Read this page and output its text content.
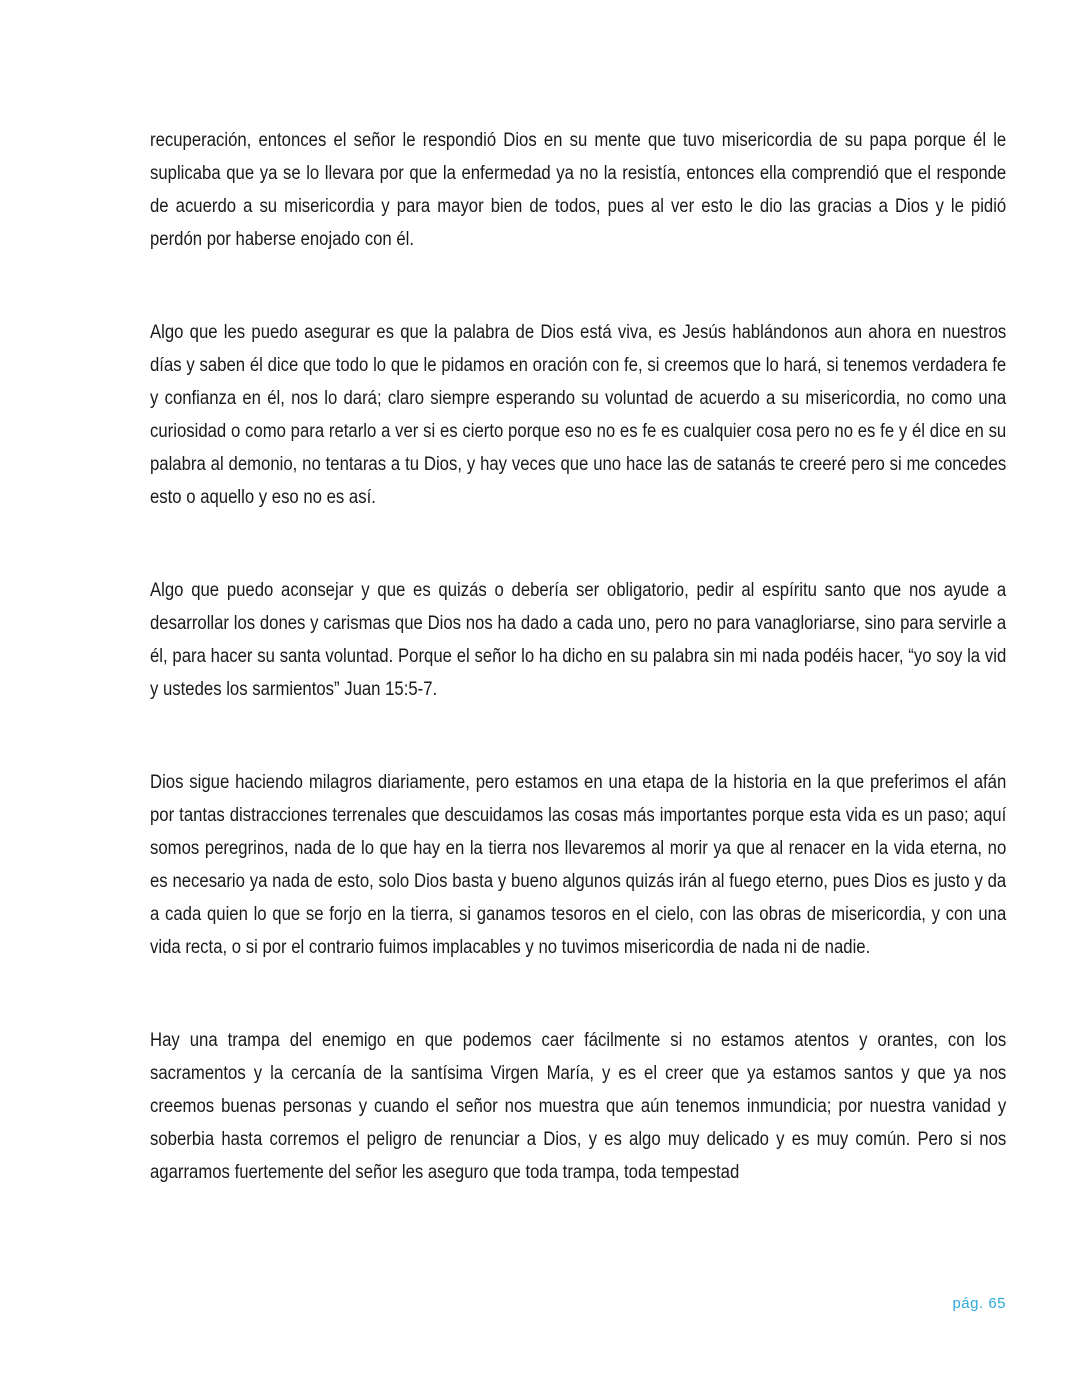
recuperación, entonces el señor le respondió Dios en su mente que tuvo misericordia de su papa porque él le suplicaba que ya se lo llevara por que la enfermedad ya no la resistía, entonces ella comprendió que el responde de acuerdo a su misericordia y para mayor bien de todos, pues al ver esto le dio las gracias a Dios y le pidió perdón por haberse enojado con él.

Algo que les puedo asegurar es que la palabra de Dios está viva, es Jesús hablándonos aun ahora en nuestros días y saben él dice que todo lo que le pidamos en oración con fe, si creemos que lo hará, si tenemos verdadera fe y confianza en él, nos lo dará; claro siempre esperando su voluntad de acuerdo a su misericordia, no como una curiosidad o como para retarlo a ver si es cierto porque eso no es fe es cualquier cosa pero no es fe y él dice en su palabra al demonio, no tentaras a tu Dios, y hay veces que uno hace las de satanás te creeré pero si me concedes esto o aquello y eso no es así.

Algo que puedo aconsejar y que es quizás o debería ser obligatorio, pedir al espíritu santo que nos ayude a desarrollar los dones y carismas que Dios nos ha dado a cada uno, pero no para vanagloriarse, sino para servirle a él, para hacer su santa voluntad. Porque el señor lo ha dicho en su palabra sin mi nada podéis hacer, “yo soy la vid y ustedes los sarmientos” Juan 15:5-7.

Dios sigue haciendo milagros diariamente, pero estamos en una etapa de la historia en la que preferimos el afán por tantas distracciones terrenales que descuidamos las cosas más importantes porque esta vida es un paso; aquí somos peregrinos, nada de lo que hay en la tierra nos llevaremos al morir ya que al renacer en la vida eterna, no es necesario ya nada de esto, solo Dios basta y bueno algunos quizás irán al fuego eterno, pues Dios es justo y da a cada quien lo que se forjo en la tierra, si ganamos tesoros en el cielo, con las obras de misericordia, y con una vida recta, o si por el contrario fuimos implacables y no tuvimos misericordia de nada ni de nadie.

Hay una trampa del enemigo en que podemos caer fácilmente si no estamos atentos y orantes, con los sacramentos y la cercanía de la santísima Virgen María, y es el creer que ya estamos santos y que ya nos creemos buenas personas y cuando el señor nos muestra que aún tenemos inmundicia; por nuestra vanidad y soberbia hasta corremos el peligro de renunciar a Dios, y es algo muy delicado y es muy común. Pero si nos agarramos fuertemente del señor les aseguro que toda trampa, toda tempestad

pág. 65
